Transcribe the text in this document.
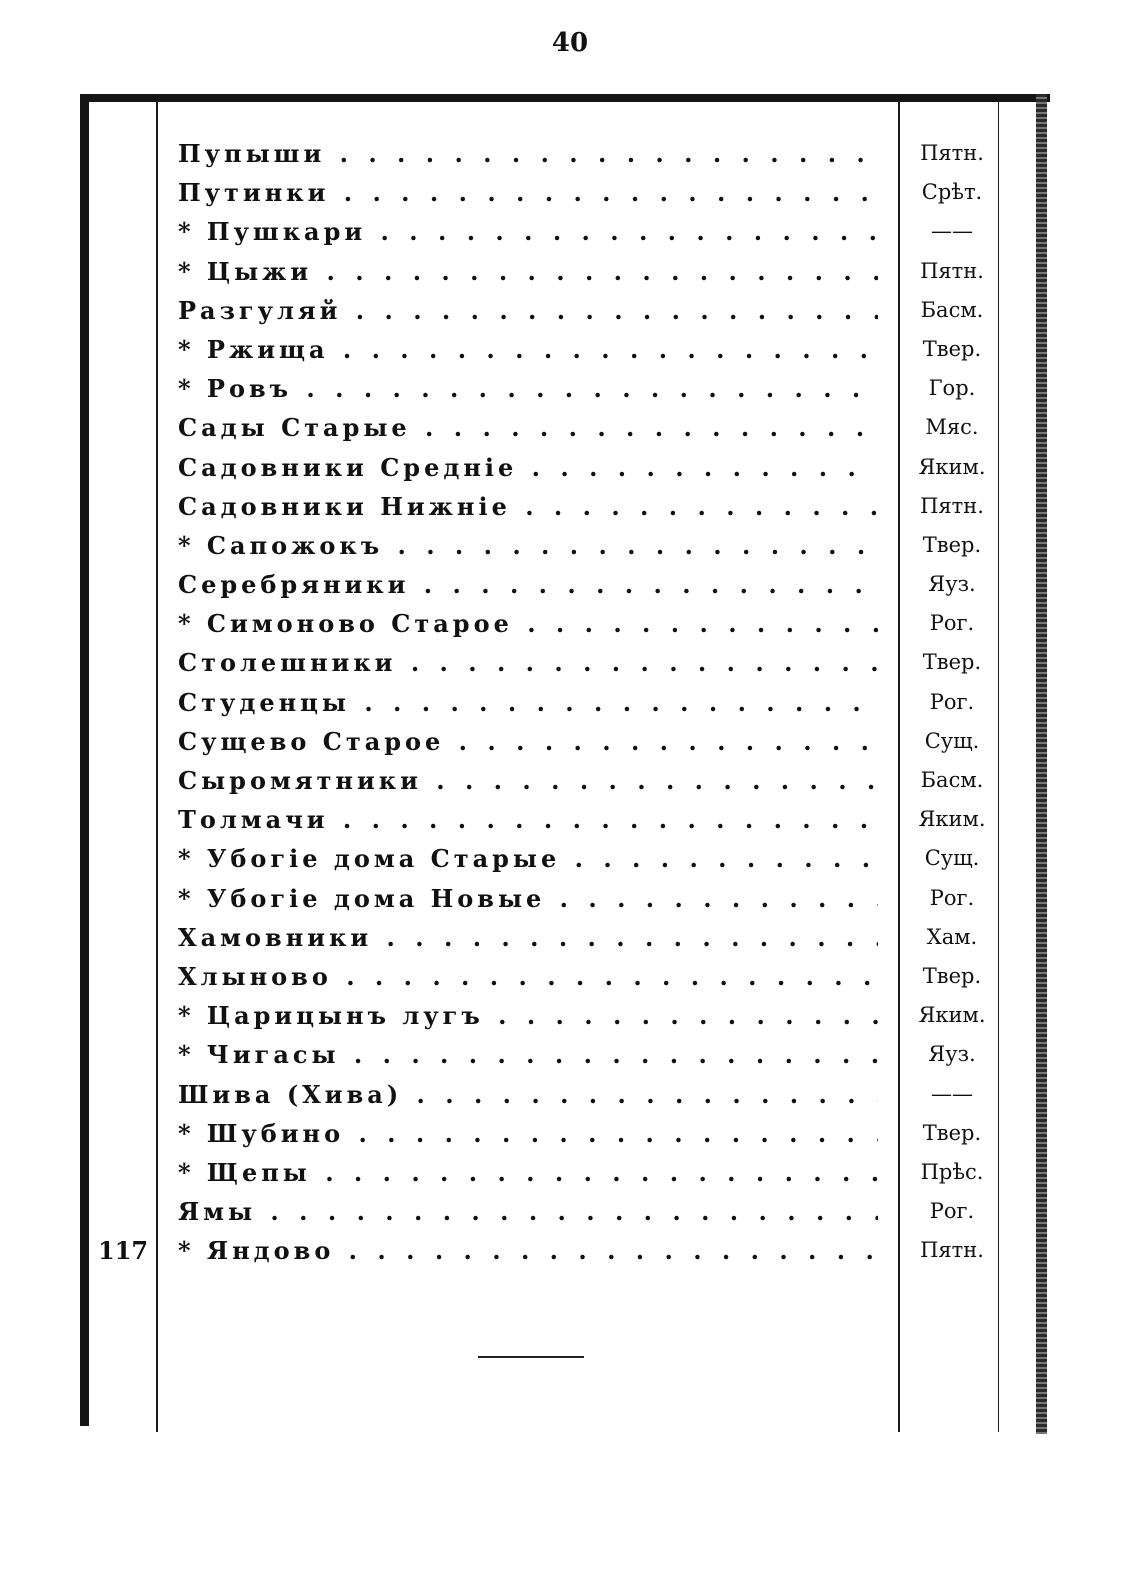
40
Пупыши . . .	Пятн.
Путинки . . .	Срѣт.
* Пушкари . . .	——
* Цыжи . . .	Пятн.
Разгуляй . . .	Басм.
* Ржища . . .	Твер.
* Ровъ . . .	Гор.
Сады Старые . . .	Мяс.
Садовники Среднiе . . .	Яким.
Садовники Нижнiе . . .	Пятн.
* Сапожокъ . . .	Твер.
Серебряники . . .	Яуз.
* Симоново Старое . . .	Рог.
Столешники . . .	Твер.
Студенцы . . .	Рог.
Сущево Старое . . .	Сущ.
Сыромятники . . .	Басм.
Толмачи . . .	Яким.
* Убогiе дома Старые . . .	Сущ.
* Убогiе дома Новые . . .	Рог.
Хамовники . . .	Хам.
Хлыново . . .	Твер.
* Царицынъ лугъ . . .	Яким.
* Чигасы . . .	Яуз.
Шива (Хива) . . .	——
* Шубино . . .	Твер.
* Щепы . . .	Прѣс.
Ямы . . .	Рог.
117	* Яндово . . .	Пятн.
